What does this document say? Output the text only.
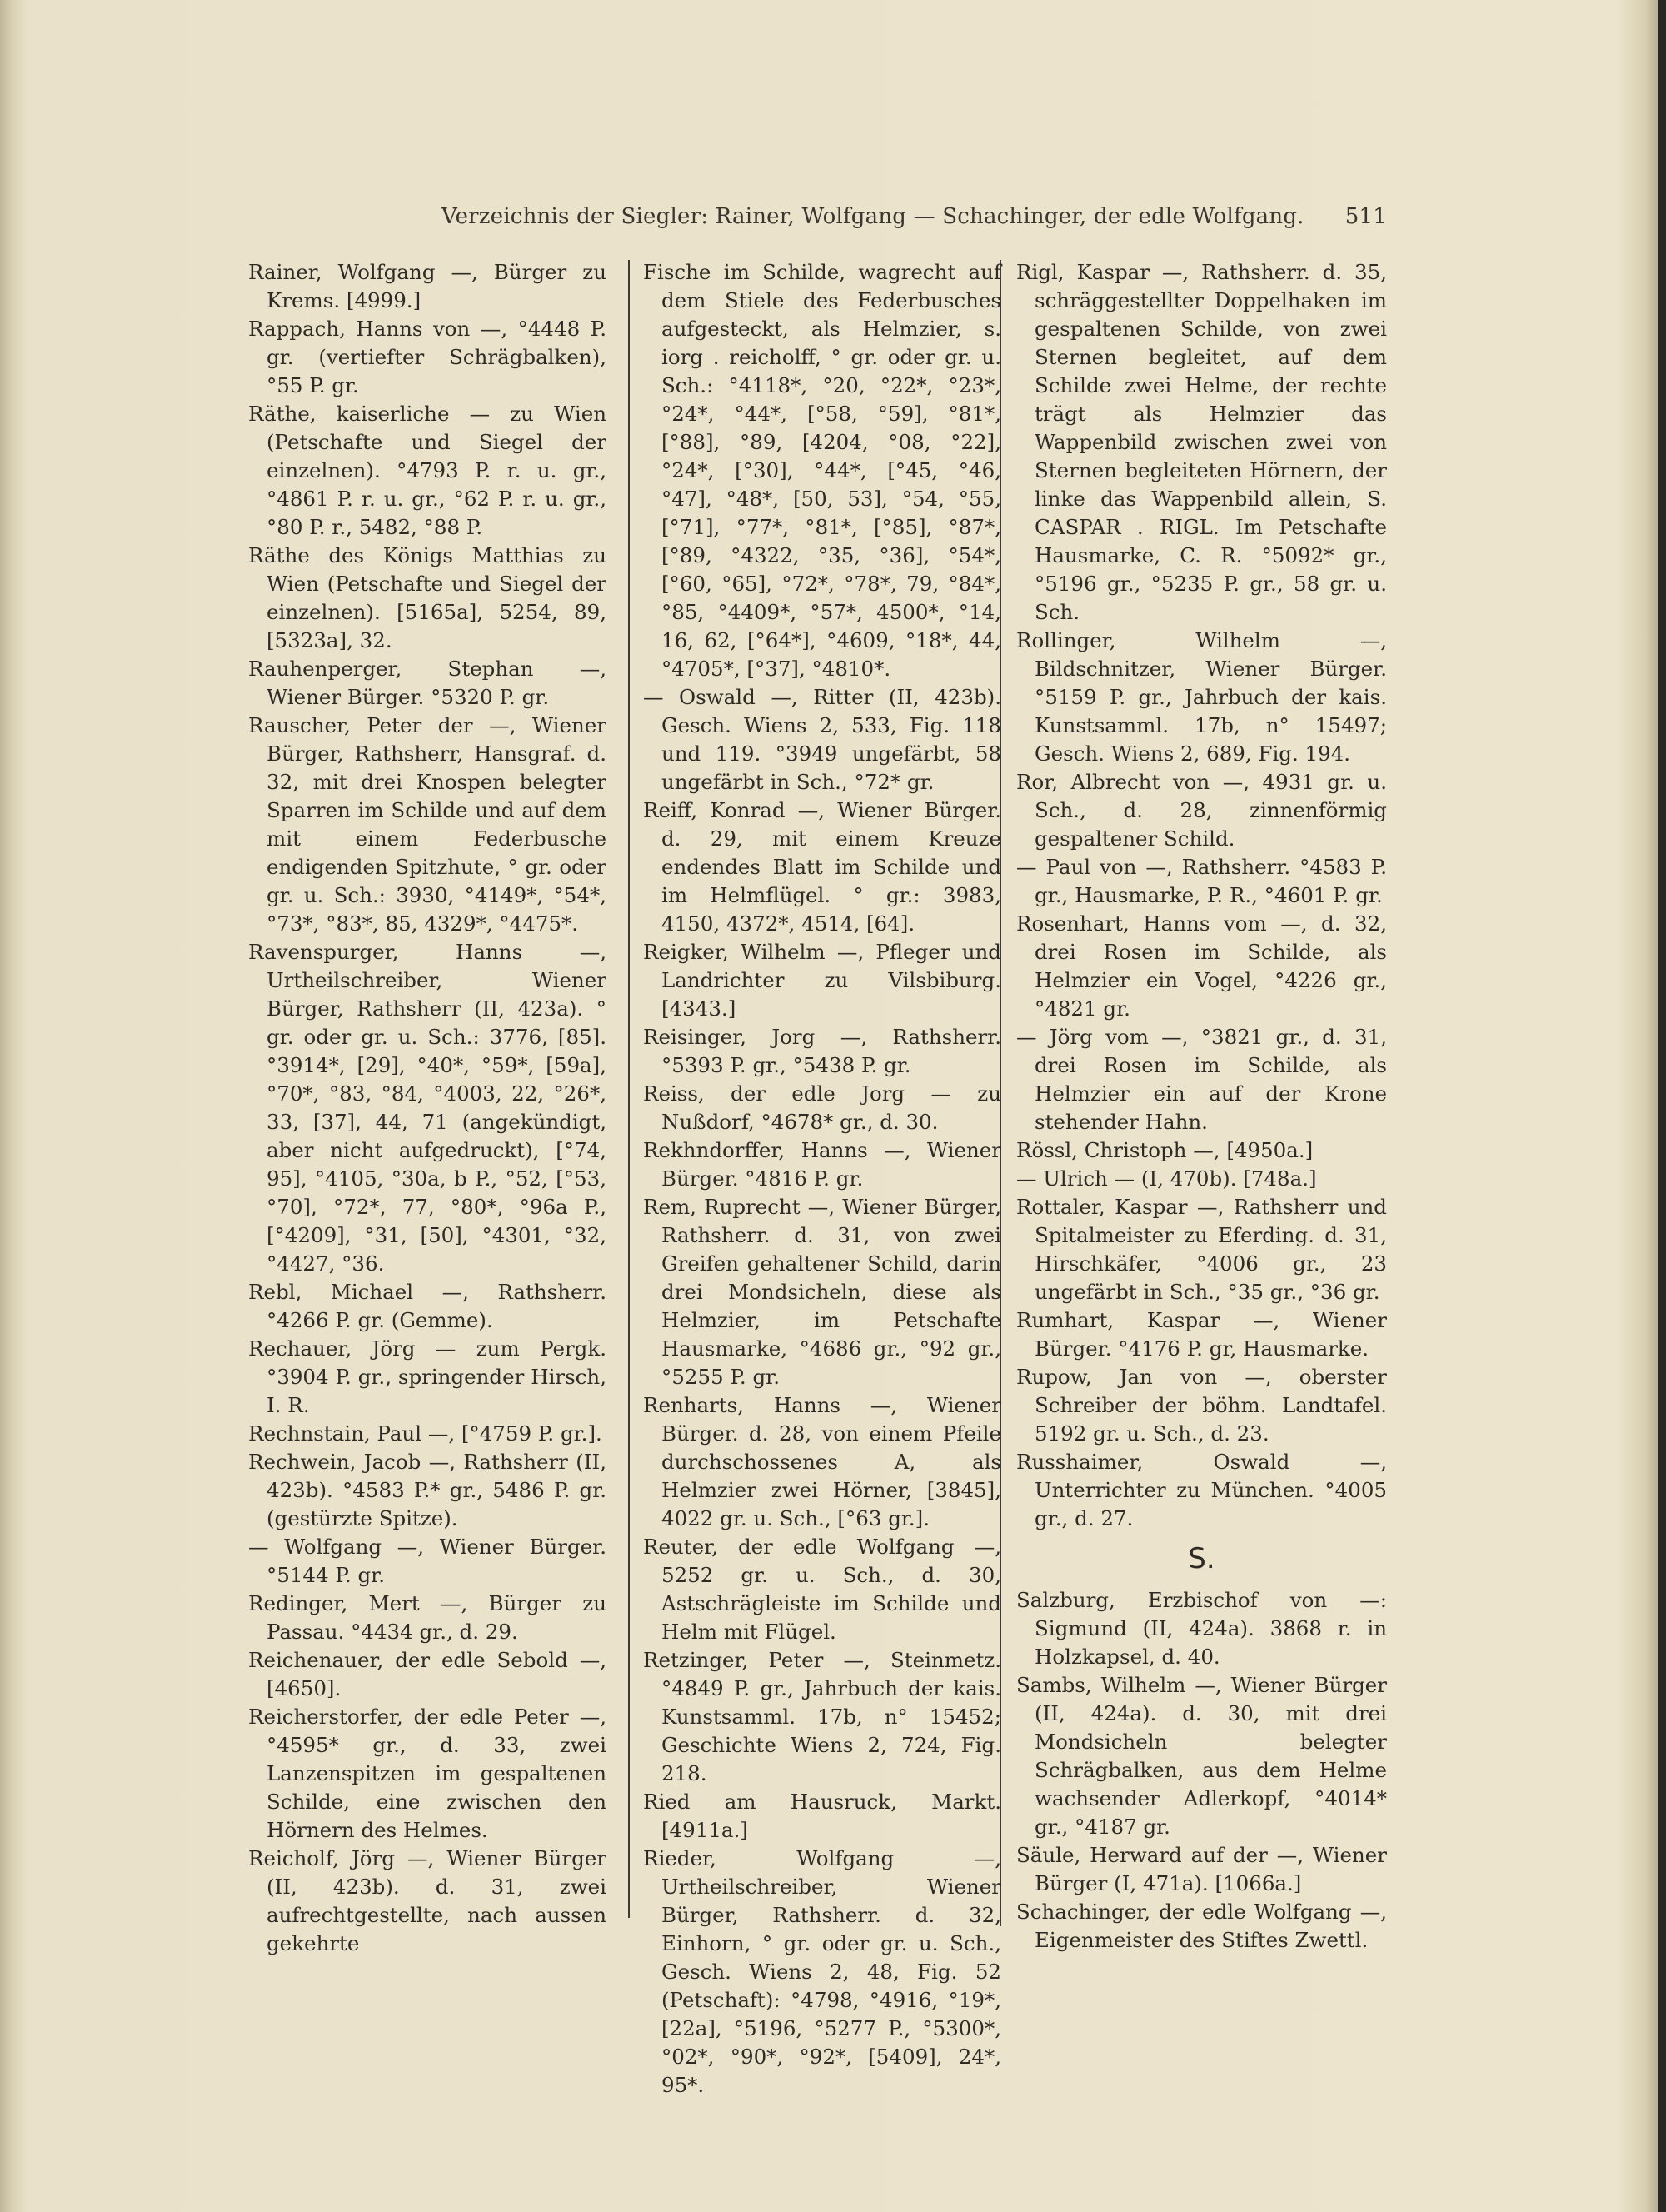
Verzeichnis der Siegler: Rainer, Wolfgang — Schachinger, der edle Wolfgang. 511

Rainer, Wolfgang —, Bürger zu Krems. [4999.]

Rappach, Hanns von —, °4448 P. gr. (vertiefter Schrägbalken), °55 P. gr.

Räthe, kaiserliche — zu Wien (Petschafte und Siegel der einzelnen). °4793 P. r. u. gr., °4861 P. r. u. gr., °62 P. r. u. gr., °80 P. r., 5482, °88 P.

Räthe des Königs Matthias zu Wien (Petschafte und Siegel der einzelnen). [5165a], 5254, 89, [5323a], 32.

Rauhenperger, Stephan —, Wiener Bürger. °5320 P. gr.

Rauscher, Peter der —, Wiener Bürger, Rathsherr, Hansgraf. d. 32, mit drei Knospen belegter Sparren im Schilde und auf dem mit einem Federbusche endigenden Spitzhute, ° gr. oder gr. u. Sch.: 3930, °4149*, °54*, °73*, °83*, 85, 4329*, °4475*.

Ravenspurger, Hanns —, Urtheilschreiber, Wiener Bürger, Rathsherr (II, 423a). ° gr. oder gr. u. Sch.: 3776, [85]. °3914*, [29], °40*, °59*, [59a], °70*, °83, °84, °4003, 22, °26*, 33, [37], 44, 71 (angekündigt, aber nicht aufgedruckt), [°74, 95], °4105, °30a, b P., °52, [°53, °70], °72*, 77, °80*, °96a P., [°4209], °31, [50], °4301, °32, °4427, °36.

Rebl, Michael —, Rathsherr. °4266 P. gr. (Gemme).

Rechauer, Jörg — zum Pergk. °3904 P. gr., springender Hirsch, I. R.

Rechnstain, Paul —, [°4759 P. gr.].

Rechwein, Jacob —, Rathsherr (II, 423b). °4583 P.* gr., 5486 P. gr. (gestürzte Spitze).

— Wolfgang —, Wiener Bürger. °5144 P. gr.

Redinger, Mert —, Bürger zu Passau. °4434 gr., d. 29.

Reichenauer, der edle Sebold —, [4650].

Reicherstorfer, der edle Peter —, °4595* gr., d. 33, zwei Lanzenspitzen im gespaltenen Schilde, eine zwischen den Hörnern des Helmes.

Reicholf, Jörg —, Wiener Bürger (II, 423b). d. 31, zwei aufrechtgestellte, nach aussen gekehrte

Fische im Schilde, wagrecht auf dem Stiele des Federbusches aufgesteckt, als Helmzier, s. iorg . reicholff, ° gr. oder gr. u. Sch.: °4118*, °20, °22*, °23*, °24*, °44*, [°58, °59], °81*, [°88], °89, [4204, °08, °22], °24*, [°30], °44*, [°45, °46, °47], °48*, [50, 53], °54, °55, [°71], °77*, °81*, [°85], °87*, [°89, °4322, °35, °36], °54*, [°60, °65], °72*, °78*, 79, °84*, °85, °4409*, °57*, 4500*, °14, 16, 62, [°64*], °4609, °18*, 44, °4705*, [°37], °4810*.

— Oswald —, Ritter (II, 423b). Gesch. Wiens 2, 533, Fig. 118 und 119. °3949 ungefärbt, 58 ungefärbt in Sch., °72* gr.

Reiff, Konrad —, Wiener Bürger. d. 29, mit einem Kreuze endendes Blatt im Schilde und im Helmflügel. ° gr.: 3983, 4150, 4372*, 4514, [64].

Reigker, Wilhelm —, Pfleger und Landrichter zu Vilsbiburg. [4343.]

Reisinger, Jorg —, Rathsherr. °5393 P. gr., °5438 P. gr.

Reiss, der edle Jorg — zu Nußdorf, °4678* gr., d. 30.

Rekhndorffer, Hanns —, Wiener Bürger. °4816 P. gr.

Rem, Ruprecht —, Wiener Bürger, Rathsherr. d. 31, von zwei Greifen gehaltener Schild, darin drei Mondsicheln, diese als Helmzier, im Petschafte Hausmarke, °4686 gr., °92 gr., °5255 P. gr.

Renharts, Hanns —, Wiener Bürger. d. 28, von einem Pfeile durchschossenes A, als Helmzier zwei Hörner, [3845], 4022 gr. u. Sch., [°63 gr.].

Reuter, der edle Wolfgang —, 5252 gr. u. Sch., d. 30, Astschrägleiste im Schilde und Helm mit Flügel.

Retzinger, Peter —, Steinmetz. °4849 P. gr., Jahrbuch der kais. Kunstsamml. 17b, n° 15452; Geschichte Wiens 2, 724, Fig. 218.

Ried am Hausruck, Markt. [4911a.]

Rieder, Wolfgang —, Urtheilschreiber, Wiener Bürger, Rathsherr. d. 32, Einhorn, ° gr. oder gr. u. Sch., Gesch. Wiens 2, 48, Fig. 52 (Petschaft): °4798, °4916, °19*, [22a], °5196, °5277 P., °5300*, °02*, °90*, °92*, [5409], 24*, 95*.

Rigl, Kaspar —, Rathsherr. d. 35, schräggestellter Doppelhaken im gespaltenen Schilde, von zwei Sternen begleitet, auf dem Schilde zwei Helme, der rechte trägt als Helmzier das Wappenbild zwischen zwei von Sternen begleiteten Hörnern, der linke das Wappenbild allein, S. CASPAR . RIGL. Im Petschafte Hausmarke, C. R. °5092* gr., °5196 gr., °5235 P. gr., 58 gr. u. Sch.

Rollinger, Wilhelm —, Bildschnitzer, Wiener Bürger. °5159 P. gr., Jahrbuch der kais. Kunstsamml. 17b, n° 15497; Gesch. Wiens 2, 689, Fig. 194.

Ror, Albrecht von —, 4931 gr. u. Sch., d. 28, zinnenförmig gespaltener Schild.

— Paul von —, Rathsherr. °4583 P. gr., Hausmarke, P. R., °4601 P. gr.

Rosenhart, Hanns vom —, d. 32, drei Rosen im Schilde, als Helmzier ein Vogel, °4226 gr., °4821 gr.

— Jörg vom —, °3821 gr., d. 31, drei Rosen im Schilde, als Helmzier ein auf der Krone stehender Hahn.

Rössl, Christoph —, [4950a.]

— Ulrich — (I, 470b). [748a.]

Rottaler, Kaspar —, Rathsherr und Spitalmeister zu Eferding. d. 31, Hirschkäfer, °4006 gr., 23 ungefärbt in Sch., °35 gr., °36 gr.

Rumhart, Kaspar —, Wiener Bürger. °4176 P. gr, Hausmarke.

Rupow, Jan von —, oberster Schreiber der böhm. Landtafel. 5192 gr. u. Sch., d. 23.

Russhaimer, Oswald —, Unterrichter zu München. °4005 gr., d. 27.

S.

Salzburg, Erzbischof von —: Sigmund (II, 424a). 3868 r. in Holzkapsel, d. 40.

Sambs, Wilhelm —, Wiener Bürger (II, 424a). d. 30, mit drei Mondsicheln belegter Schrägbalken, aus dem Helme wachsender Adlerkopf, °4014* gr., °4187 gr.

Säule, Herward auf der —, Wiener Bürger (I, 471a). [1066a.]

Schachinger, der edle Wolfgang —, Eigenmeister des Stiftes Zwettl.
